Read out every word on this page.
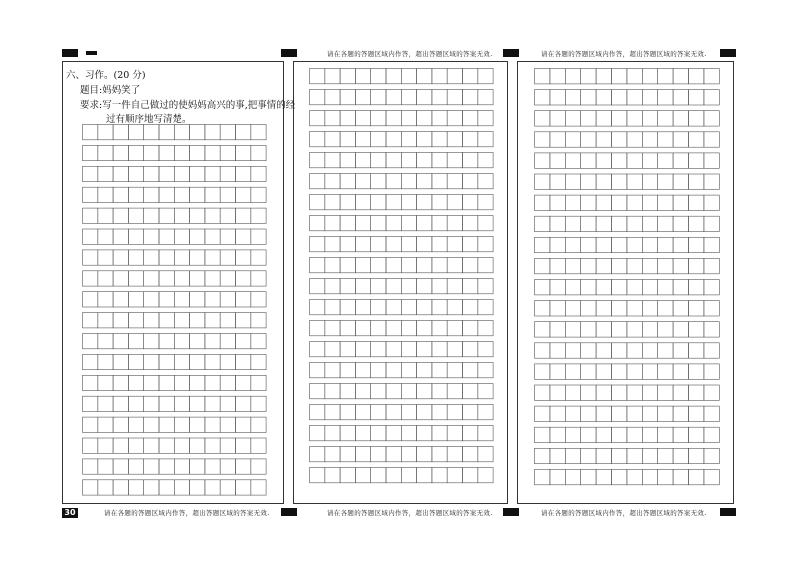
请在各题的答题区域内作答，超出答题区域的答案无效.	请在各题的答题区域内作答，超出答题区域的答案无效.
30	请在各题的答题区域内作答，超出答题区域的答案无效.	请在各题的答题区域内作答，超出答题区域的答案无效.	请在各题的答题区域内作答，超出答题区域的答案无效.
六、习作。(20 分)
题目:妈妈笑了
要求:写一件自己做过的使妈妈高兴的事,把事情的经
过有顺序地写清楚。
